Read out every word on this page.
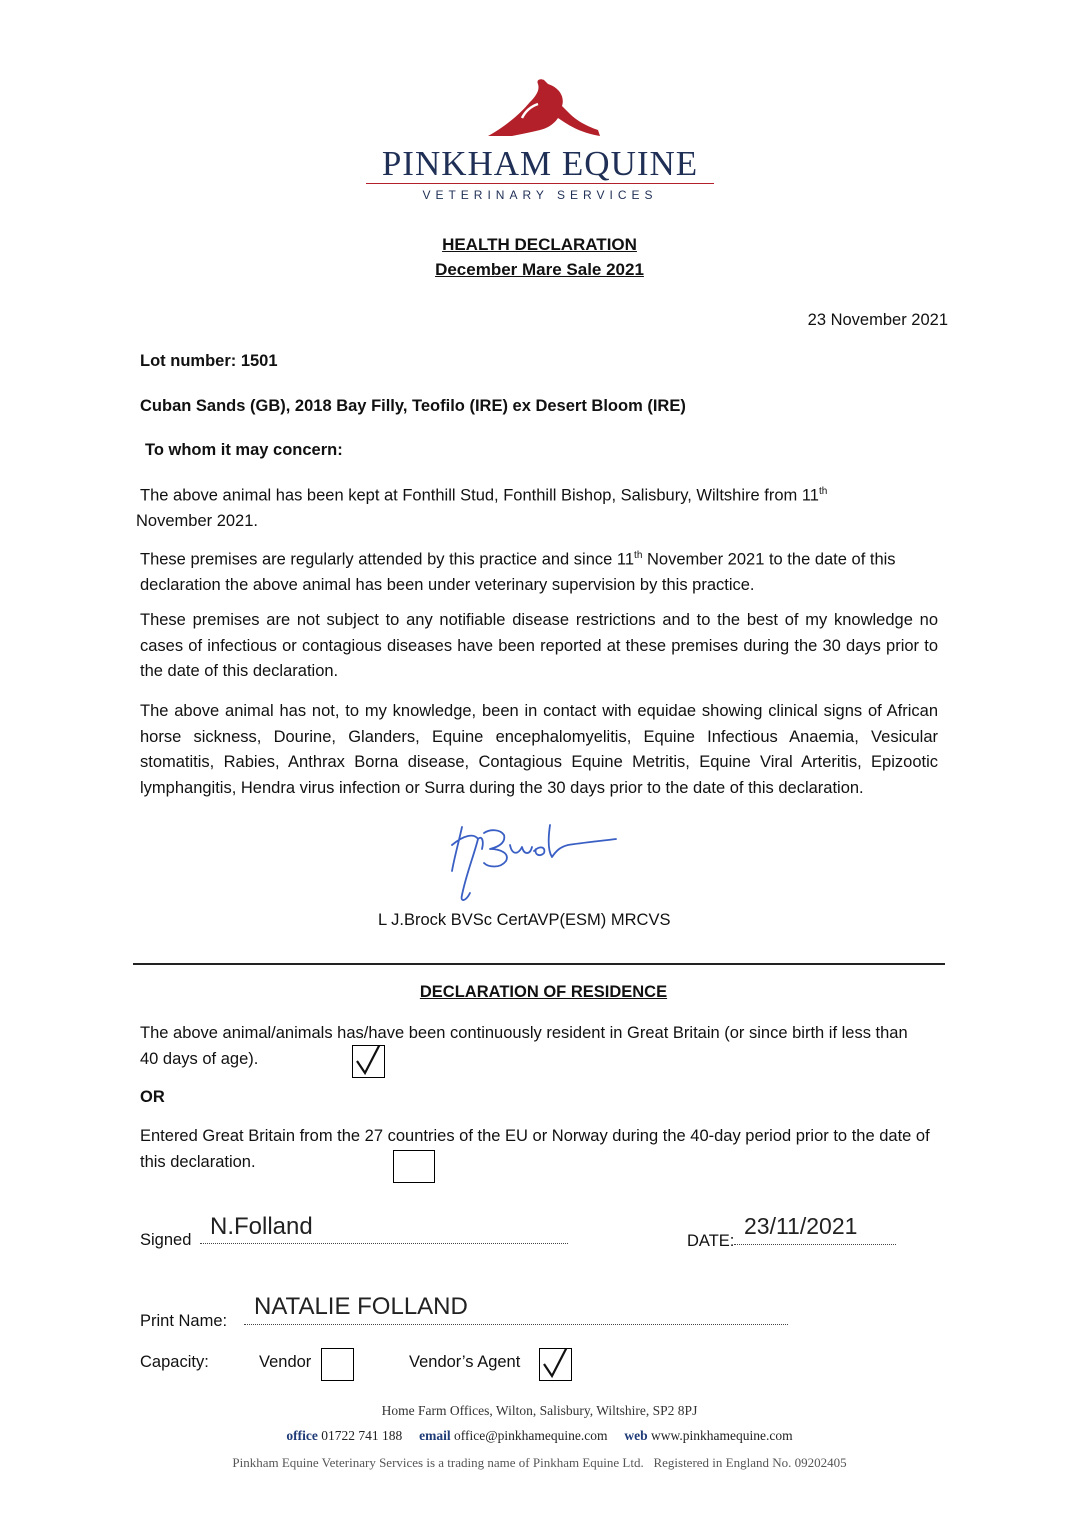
PINKHAM EQUINE
VETERINARY SERVICES
HEALTH DECLARATION
December Mare Sale 2021
23 November 2021
Lot number: 1501
Cuban Sands (GB), 2018 Bay Filly, Teofilo (IRE) ex Desert Bloom (IRE)
To whom it may concern:
The above animal has been kept at Fonthill Stud, Fonthill Bishop, Salisbury, Wiltshire from 11th
November 2021.
These premises are regularly attended by this practice and since 11th November 2021 to the date of this declaration the above animal has been under veterinary supervision by this practice.
These premises are not subject to any notifiable disease restrictions and to the best of my knowledge no cases of infectious or contagious diseases have been reported at these premises during the 30 days prior to the date of this declaration.
The above animal has not, to my knowledge, been in contact with equidae showing clinical signs of African horse sickness, Dourine, Glanders, Equine encephalomyelitis, Equine Infectious Anaemia, Vesicular stomatitis, Rabies, Anthrax Borna disease, Contagious Equine Metritis, Equine Viral Arteritis, Epizootic lymphangitis, Hendra virus infection or Surra during the 30 days prior to the date of this declaration.
L J.Brock BVSc CertAVP(ESM) MRCVS
DECLARATION OF RESIDENCE
The above animal/animals has/have been continuously resident in Great Britain (or since birth if less than 40 days of age).
OR
Entered Great Britain from the 27 countries of the EU or Norway during the 40-day period prior to the date of this declaration.
Signed N.Folland
DATE:
23/11/2021
Print Name:
NATALIE FOLLAND
Capacity:	Vendor	Vendor’s Agent
Home Farm Offices, Wilton, Salisbury, Wiltshire, SP2 8PJ
office 01722 741 188 email office@pinkhamequine.com web www.pinkhamequine.com
Pinkham Equine Veterinary Services is a trading name of Pinkham Equine Ltd.   Registered in England No. 09202405
